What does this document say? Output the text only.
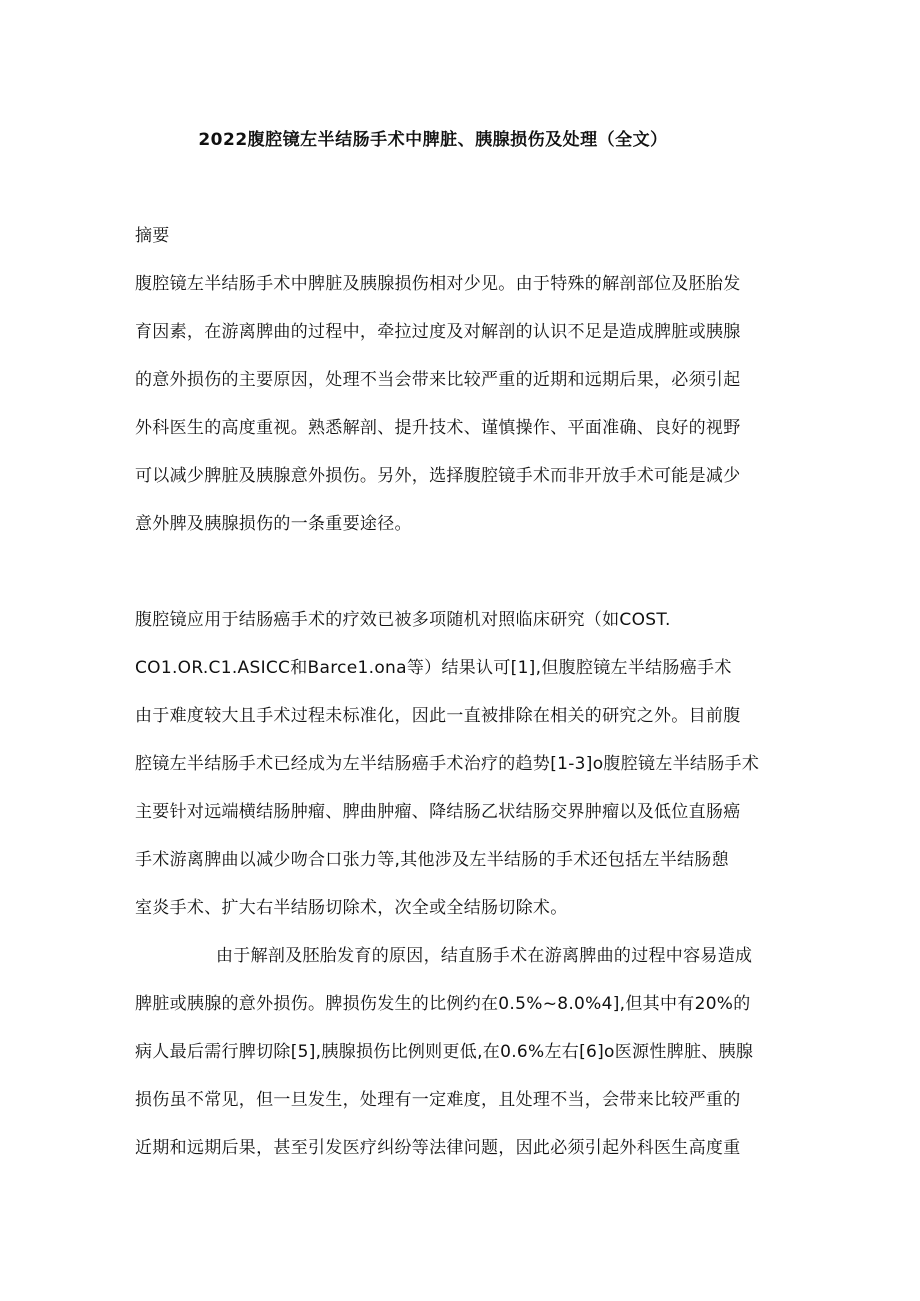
2022腹腔镜左半结肠手术中脾脏、胰腺损伤及处理（全文）
摘要
腹腔镜左半结肠手术中脾脏及胰腺损伤相对少见。由于特殊的解剖部位及胚胎发
育因素，在游离脾曲的过程中，牵拉过度及对解剖的认识不足是造成脾脏或胰腺
的意外损伤的主要原因，处理不当会带来比较严重的近期和远期后果，必须引起
外科医生的高度重视。熟悉解剖、提升技术、谨慎操作、平面准确、良好的视野
可以减少脾脏及胰腺意外损伤。另外，选择腹腔镜手术而非开放手术可能是减少
意外脾及胰腺损伤的一条重要途径。
腹腔镜应用于结肠癌手术的疗效已被多项随机对照临床研究（如COST.
CO1.OR.C1.ASICC和Barce1.ona等）结果认可[1],但腹腔镜左半结肠癌手术
由于难度较大且手术过程未标准化，因此一直被排除在相关的研究之外。目前腹
腔镜左半结肠手术已经成为左半结肠癌手术治疗的趋势[1-3]o腹腔镜左半结肠手术
主要针对远端横结肠肿瘤、脾曲肿瘤、降结肠乙状结肠交界肿瘤以及低位直肠癌
手术游离脾曲以减少吻合口张力等,其他涉及左半结肠的手术还包括左半结肠憩
室炎手术、扩大右半结肠切除术，次全或全结肠切除术。
由于解剖及胚胎发育的原因，结直肠手术在游离脾曲的过程中容易造成
脾脏或胰腺的意外损伤。脾损伤发生的比例约在0.5%~8.0%4],但其中有20%的
病人最后需行脾切除[5],胰腺损伤比例则更低,在0.6%左右[6]o医源性脾脏、胰腺
损伤虽不常见，但一旦发生，处理有一定难度，且处理不当，会带来比较严重的
近期和远期后果，甚至引发医疗纠纷等法律问题，因此必须引起外科医生高度重
